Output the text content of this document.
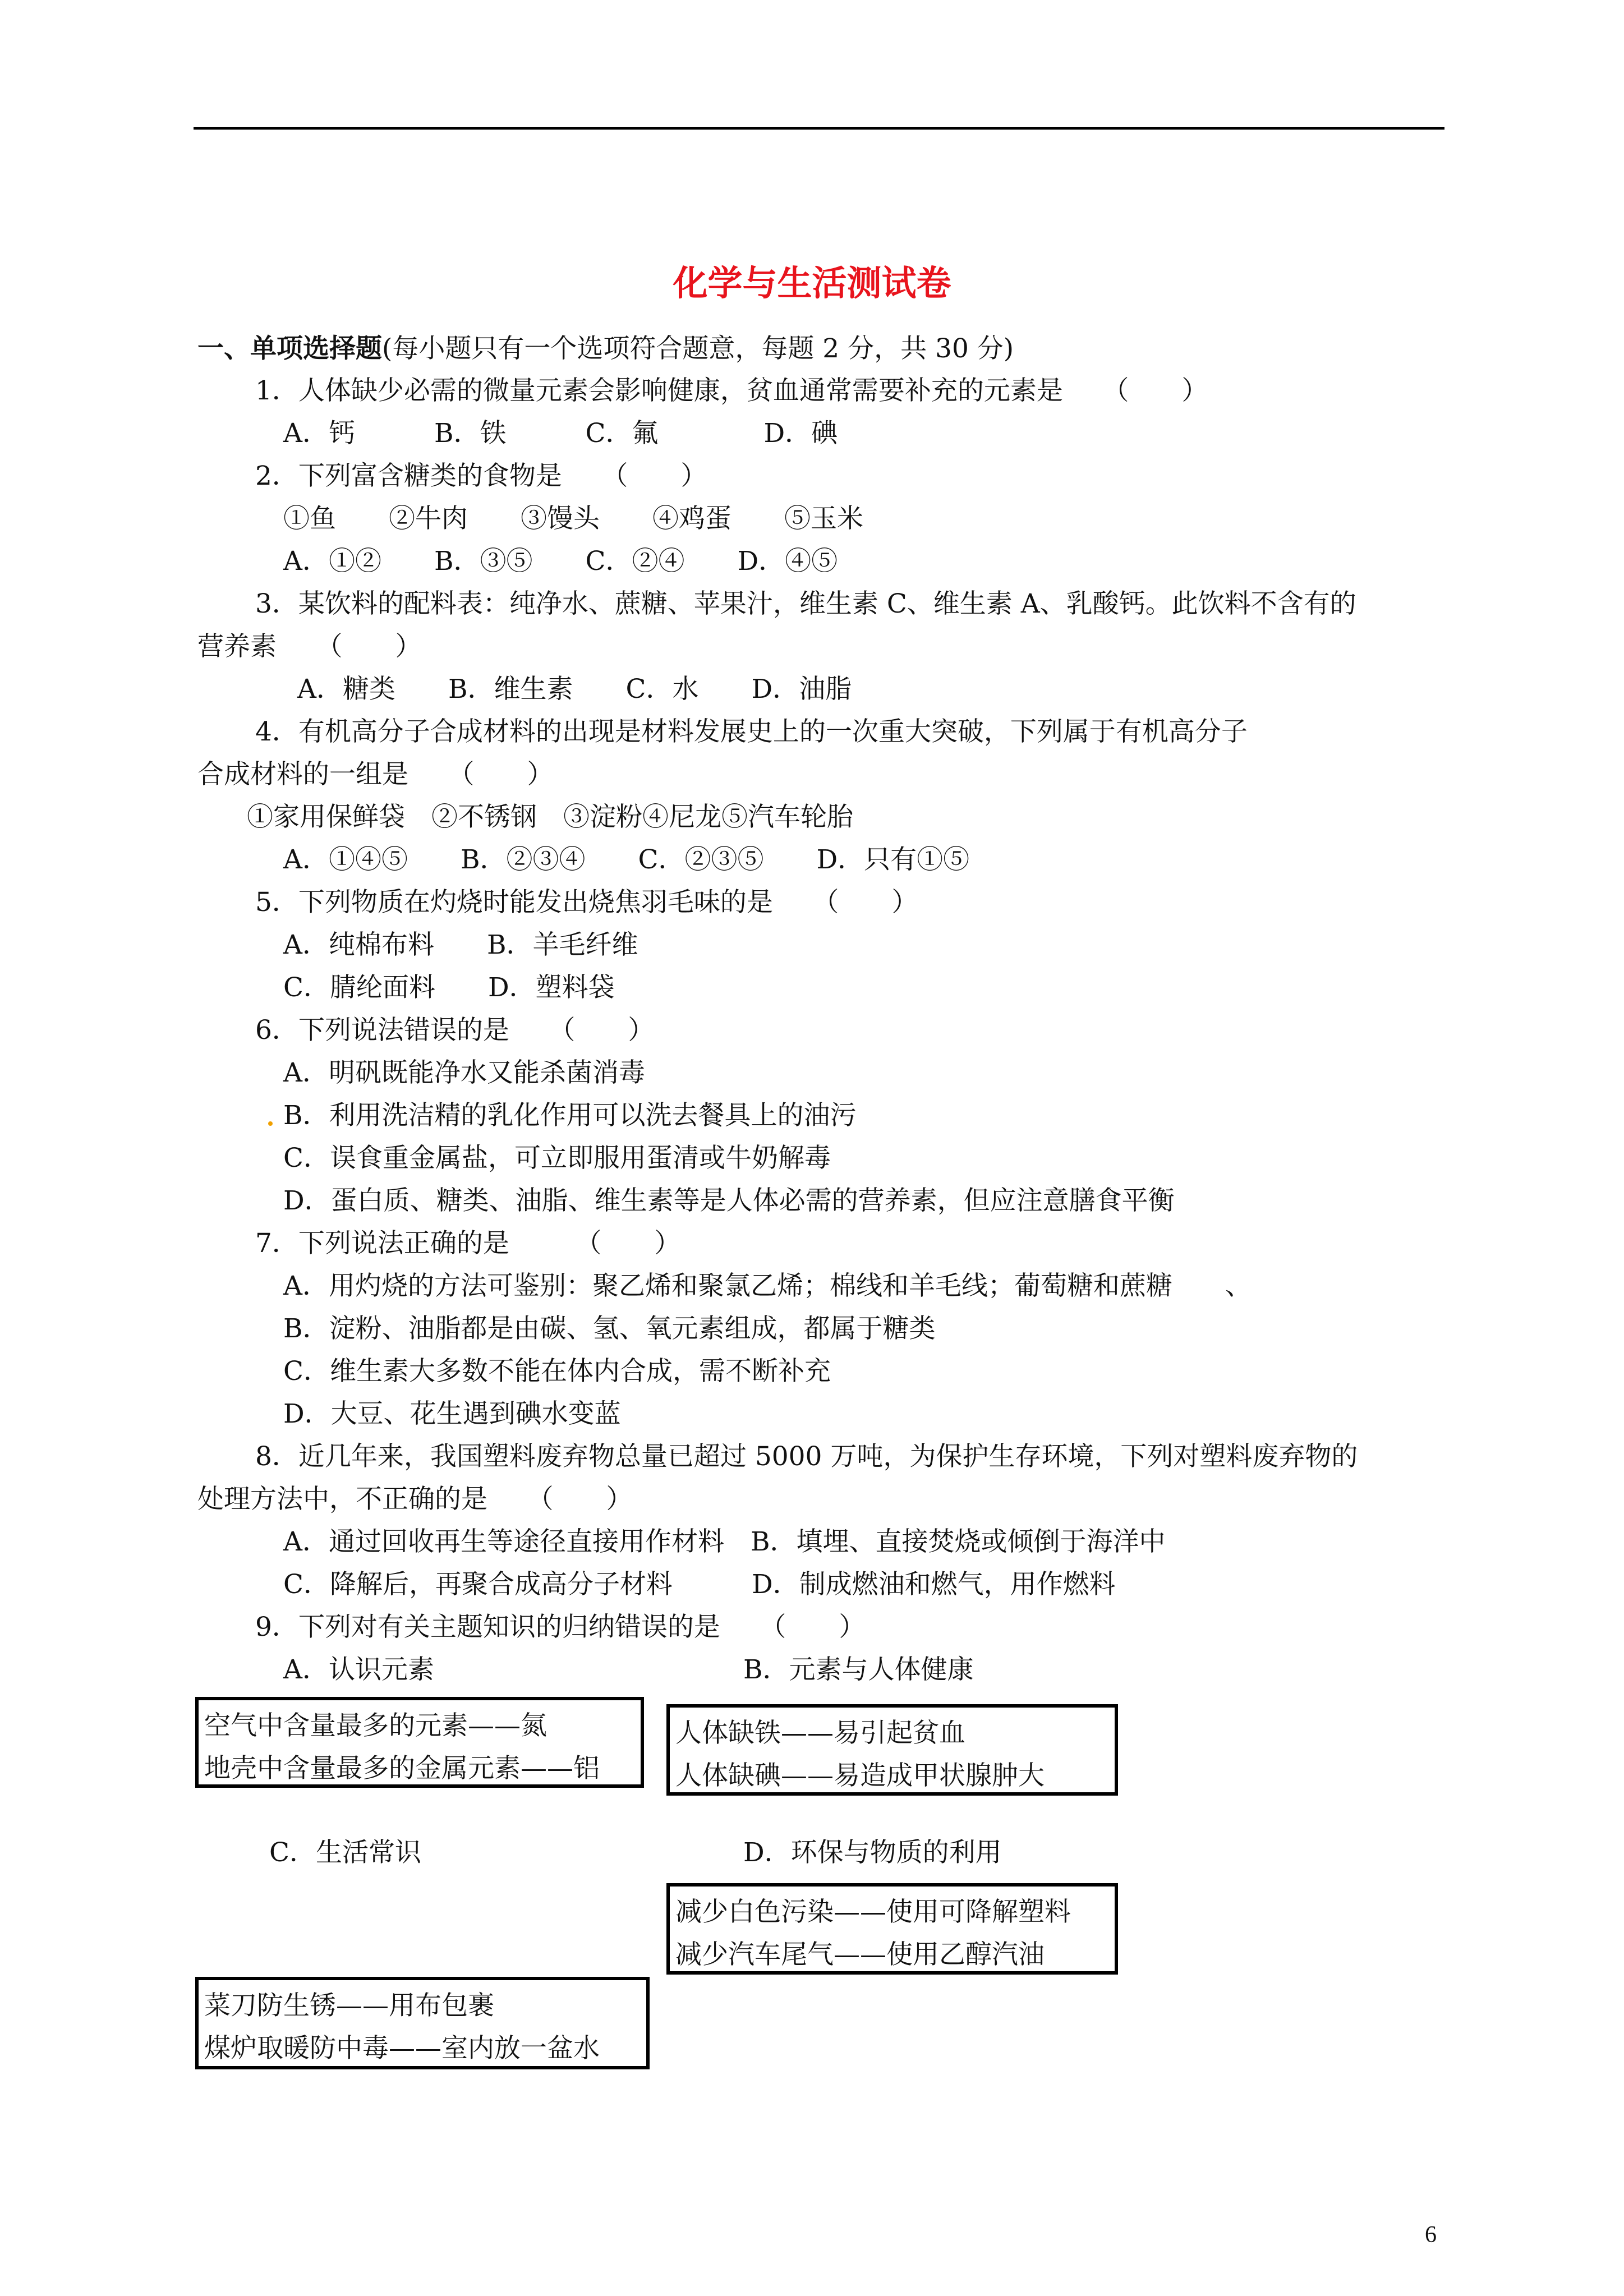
化学与生活测试卷
一、单项选择题(每小题只有一个选项符合题意，每题 2 分，共 30 分)
1．人体缺少必需的微量元素会影响健康，贫血通常需要补充的元素是　　（　　）
A．钙　　　B．铁　　　C．氟　　　　D．碘
2．下列富含糖类的食物是　　（　　）
①鱼　　②牛肉　　③馒头　　④鸡蛋　　⑤玉米
A．①②　　B．③⑤　　C．②④　　D．④⑤
3．某饮料的配料表：纯净水、蔗糖、苹果汁，维生素 C、维生素 A、乳酸钙。此饮料不含有的
营养素　　（　　）
A．糖类　　B．维生素　　C．水　　D．油脂
4．有机高分子合成材料的出现是材料发展史上的一次重大突破，下列属于有机高分子
合成材料的一组是　　（　　）
①家用保鲜袋　②不锈钢　③淀粉④尼龙⑤汽车轮胎
A．①④⑤　　B．②③④　　C．②③⑤　　D．只有①⑤
5．下列物质在灼烧时能发出烧焦羽毛味的是　　（　　）
A．纯棉布料　　B．羊毛纤维
C．腈纶面料　　D．塑料袋
6．下列说法错误的是　　（　　）
A．明矾既能净水又能杀菌消毒
B．利用洗洁精的乳化作用可以洗去餐具上的油污
C．误食重金属盐，可立即服用蛋清或牛奶解毒
D．蛋白质、糖类、油脂、维生素等是人体必需的营养素，但应注意膳食平衡
7．下列说法正确的是　　　（　　）
A．用灼烧的方法可鉴别：聚乙烯和聚氯乙烯；棉线和羊毛线；葡萄糖和蔗糖　　、
B．淀粉、油脂都是由碳、氢、氧元素组成，都属于糖类
C．维生素大多数不能在体内合成，需不断补充
D．大豆、花生遇到碘水变蓝
8．近几年来，我国塑料废弃物总量已超过 5000 万吨，为保护生存环境，下列对塑料废弃物的
处理方法中，不正确的是　　（　　）
A．通过回收再生等途径直接用作材料　B．填埋、直接焚烧或倾倒于海洋中
C．降解后，再聚合成高分子材料　　　D．制成燃油和燃气，用作燃料
9．下列对有关主题知识的归纳错误的是　　（　　）
A．认识元素	B．元素与人体健康
空气中含量最多的元素——氮
地壳中含量最多的金属元素——铝
人体缺铁——易引起贫血
人体缺碘——易造成甲状腺肿大
C．生活常识	D．环保与物质的利用
减少白色污染——使用可降解塑料
减少汽车尾气——使用乙醇汽油
菜刀防生锈——用布包裹
煤炉取暖防中毒——室内放一盆水
6
